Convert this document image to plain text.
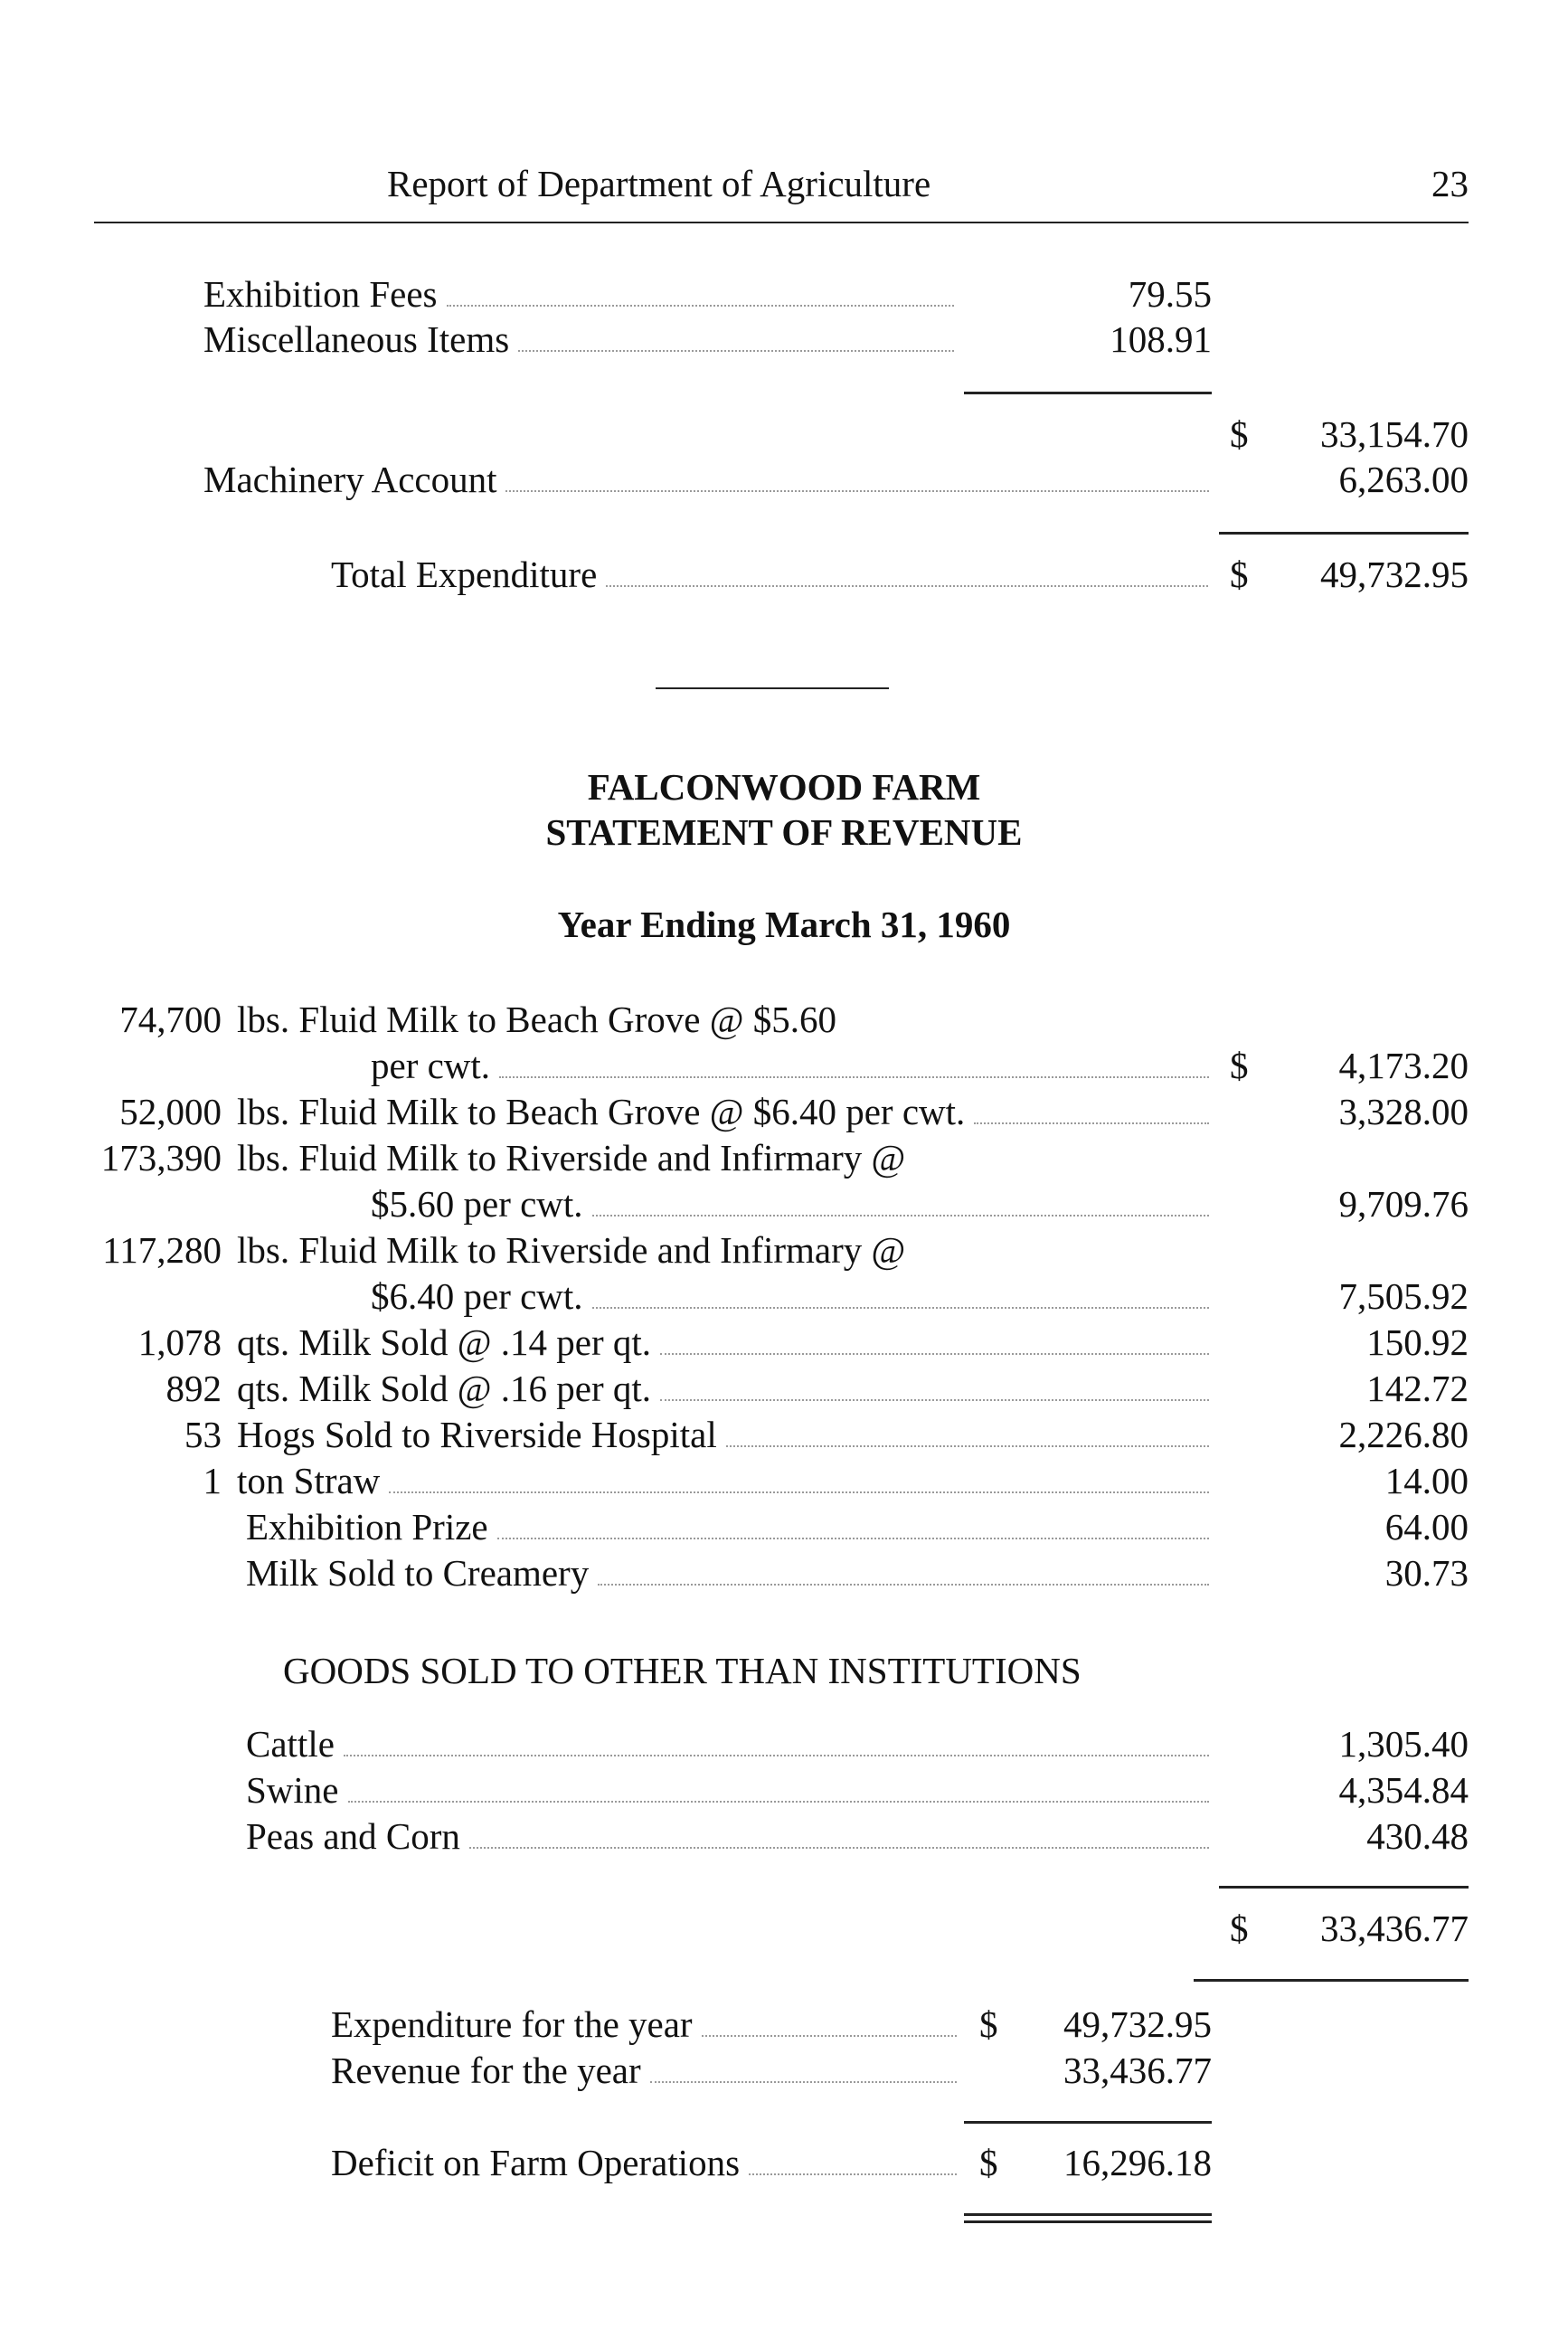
Report of Department of Agriculture	23
Exhibition Fees	79.55
Miscellaneous Items	108.91
$	33,154.70
Machinery Account	6,263.00
Total Expenditure	$	49,732.95
FALCONWOOD FARM
STATEMENT OF REVENUE
Year Ending March 31, 1960
74,700 lbs. Fluid Milk to Beach Grove @ $5.60
per cwt.	$	4,173.20
52,000 lbs. Fluid Milk to Beach Grove @ $6.40 per cwt.	3,328.00
173,390 lbs. Fluid Milk to Riverside and Infirmary @
$5.60 per cwt.	9,709.76
117,280 lbs. Fluid Milk to Riverside and Infirmary @
$6.40 per cwt.	7,505.92
1,078 qts. Milk Sold @ .14 per qt.	150.92
892 qts. Milk Sold @ .16 per qt.	142.72
53 Hogs Sold to Riverside Hospital	2,226.80
1 ton Straw	14.00
Exhibition Prize	64.00
Milk Sold to Creamery	30.73
GOODS SOLD TO OTHER THAN INSTITUTIONS
Cattle	1,305.40
Swine	4,354.84
Peas and Corn	430.48
$	33,436.77
Expenditure for the year	$	49,732.95
Revenue for the year	33,436.77
Deficit on Farm Operations	$	16,296.18
